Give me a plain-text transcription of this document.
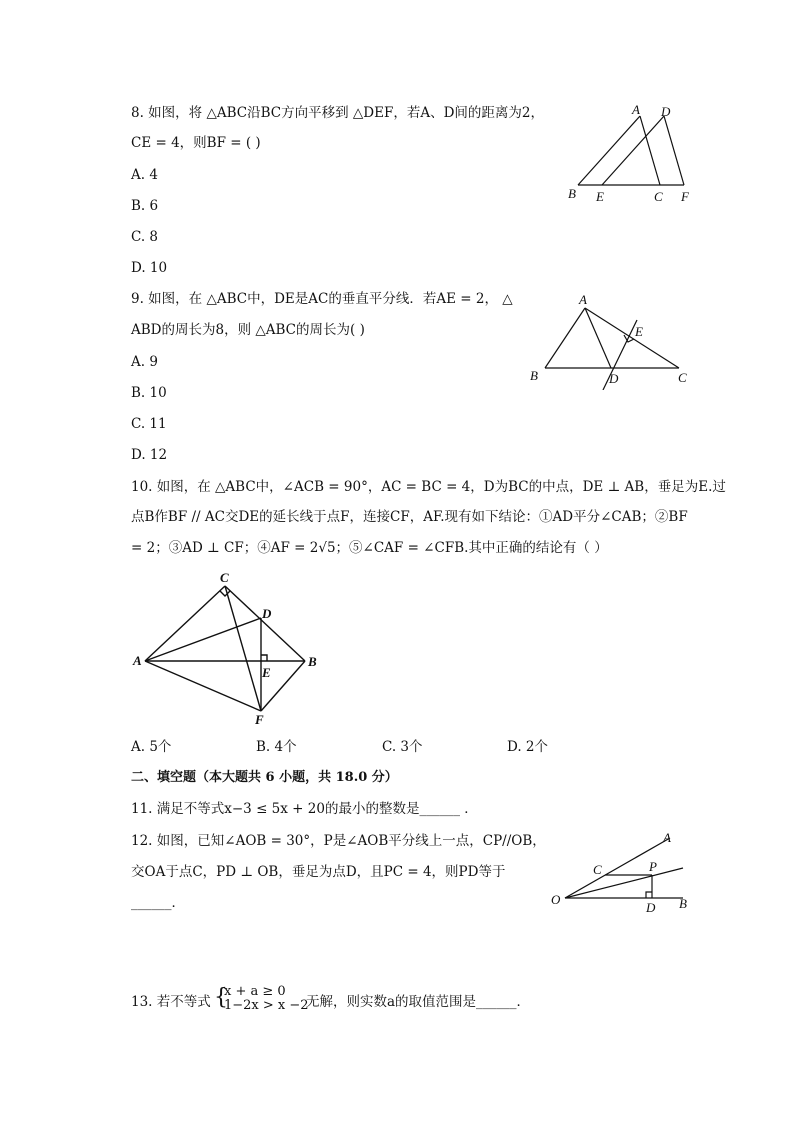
8. 如图，将 △ABC沿BC方向平移到 △DEF，若A、D间的距离为2，
CE = 4，则BF = ( )
A. 4
B. 6
C. 8
D. 10
A D
B E	C F
9. 如图，在 △ABC中，DE是AC的垂直平分线．若AE = 2， △
ABD的周长为8，则 △ABC的周长为( )
A. 9
B. 10
C. 11
D. 12
A
E
B	D	C
10. 如图，在 △ABC中，∠ACB = 90°，AC = BC = 4，D为BC的中点，DE ⊥ AB，垂足为E.过
点B作BF // AC交DE的延长线于点F，连接CF，AF.现有如下结论：①AD平分∠CAB；②BF
= 2；③AD ⊥ CF；④AF = 2√5；⑤∠CAF = ∠CFB.其中正确的结论有（ ）
C
D
A	B
E
F
A. 5个	B. 4个	C. 3个	D. 2个
二、填空题（本大题共 6 小题，共 18.0 分）
11. 满足不等式x−3 ≤ 5x + 20的最小的整数是______ ．
12. 如图，已知∠AOB = 30°，P是∠AOB平分线上一点，CP//OB，
交OA于点C，PD ⊥ OB，垂足为点D，且PC = 4，则PD等于
______．
A
C	P
O
D B
13. 若不等式 {
x + a ≥ 0
1−2x > x −2
无解，则实数a的取值范围是______．
